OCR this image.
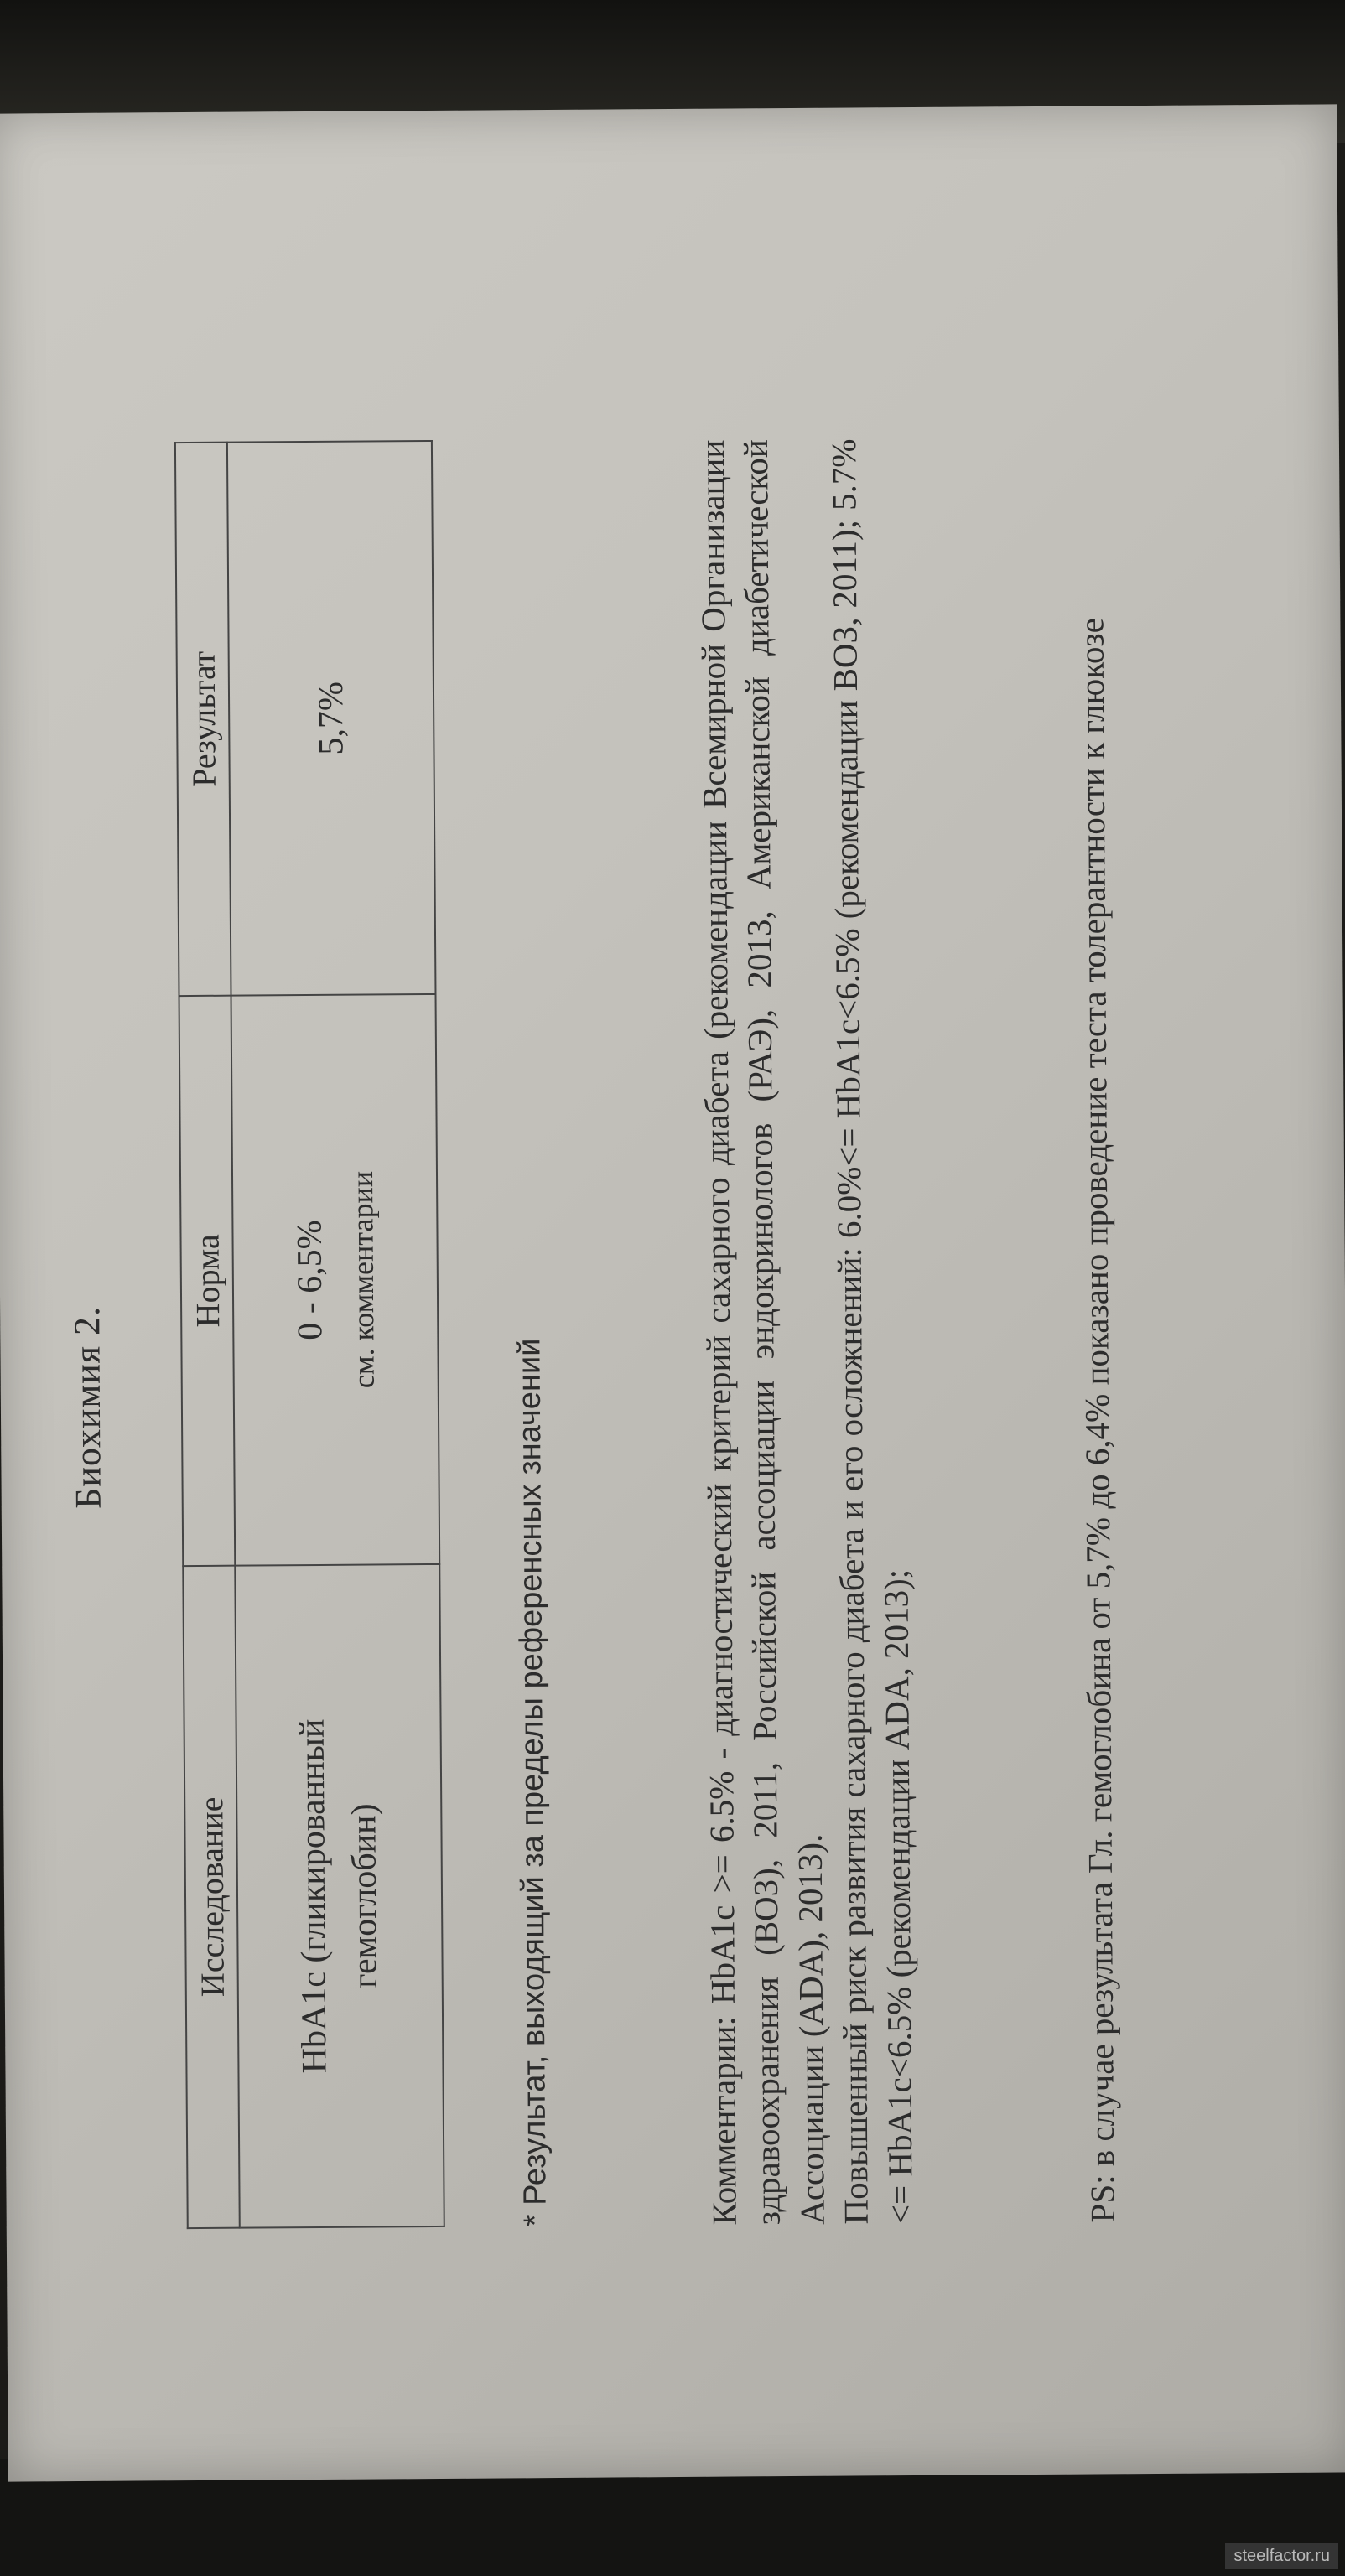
Биохимия 2.
Исследование	Норма	Результат
HbA1c (гликированный гемоглобин)	0 - 6,5% см. комментарии	5,7%
* Результат, выходящий за пределы референсных значений	Комментарии: HbA1c >= 6.5% - диагностический критерий сахарного диабета (рекомендации Всемирной Организации здравоохранения (ВОЗ), 2011, Российской ассоциации эндокринологов (РАЭ), 2013, Американской диабетической Ассоциации (ADA), 2013).

Повышенный риск развития сахарного диабета и его осложнений: 6.0%<= HbA1c<6.5% (рекомендации ВОЗ, 2011); 5.7%<= HbA1c<6.5% (рекомендации ADA, 2013);	PS: в случае результата Гл. гемоглобина от 5,7% до 6,4% показано проведение теста толерантности к глюкозе
steelfactor.ru
